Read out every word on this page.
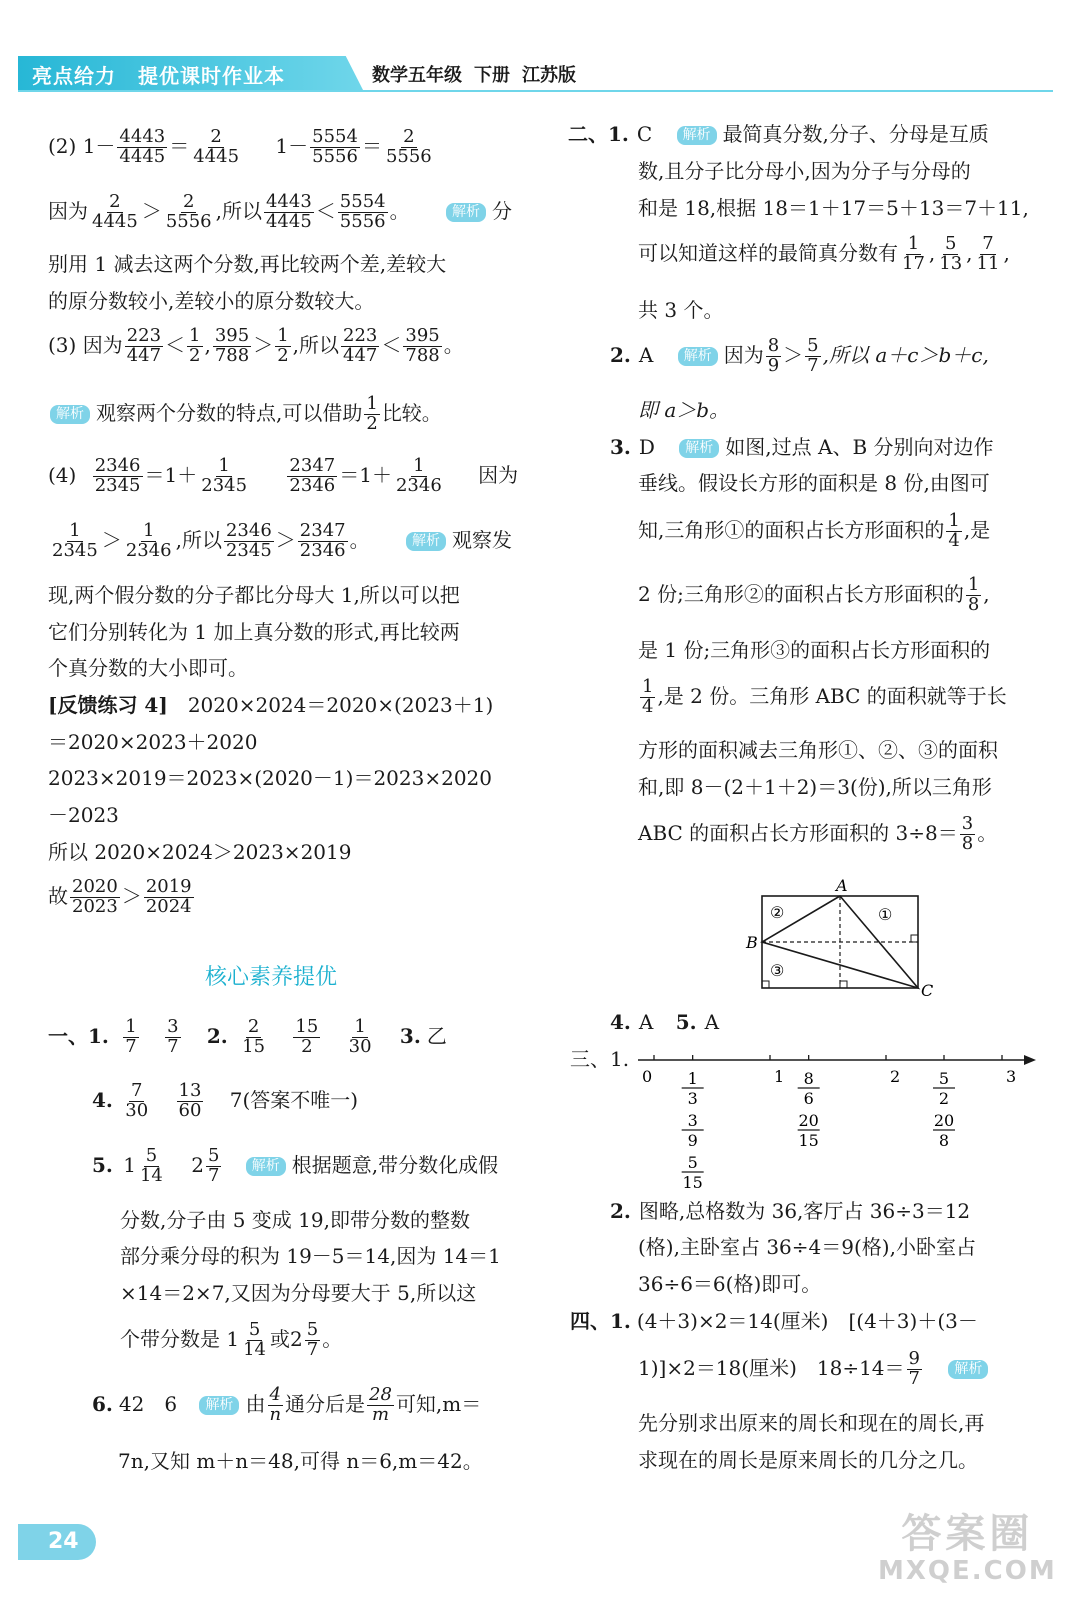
亮点给力 提优课时作业本	数学五年级 下册 江苏版
(2) $1- \frac{4443}{4445} = \frac{2}{4445} 1- \frac{5554}{5556} = \frac{2}{5556}$
因为 $\frac{2}{4445} > \frac{2}{5556}$ ,所以 $\frac{4443}{4445} < \frac{5554}{5556}$ 。	解析 分
别用 1 减去这两个分数,再比较两个差,差较大
的原分数较小,差较小的原分数较大。
(3) 因为 $\frac{223}{447} < \frac{1}{2}$ , $\frac{395}{788} > \frac{1}{2}$ ,所以 $\frac{223}{447} < \frac{395}{788}$ 。
解析 观察两个分数的特点,可以借助 $\frac{1}{2}$ 比较。
$(4) \frac{2346}{2345} =1+ \frac{1}{2345}$
$\frac{2347}{2346} =1+ \frac{1}{2346}$ 因为
$\frac{1}{2345} > \frac{1}{2346}$ ,所以 $\frac{2346}{2345} > \frac{2347}{2346}$ 。	解析 观察发
现,两个假分数的分子都比分母大 1,所以可以把
它们分别转化为 1 加上真分数的形式,再比较两
个真分数的大小即可。
[反馈练习 4] 2020×2024＝2020×(2023＋1)
＝2020×2023＋2020
2023×2019＝2023×(2020－1)＝2023×2020
－2023
所以 2020×2024＞2023×2019
故 $\frac{2020}{2023} > \frac{2019}{2024}$
核心素养提优
一、1. $\frac{1}{7}$
$\frac{3}{7} 2$. $\frac{2}{15}$
$\frac{15}{2}$
$\frac{1}{30} 3$. 乙
4. $\frac{7}{30}$
$\frac{13}{60} 7$(答案不唯一)
5. $1 \frac{5}{14} 2 \frac{5}{7}$ 解析 根据题意,带分数化成假
分数,分子由 5 变成 19,即带分数的整数
部分乘分母的积为 19－5＝14,因为 14＝1
×14＝2×7,又因为分母要大于 5,所以这
个带分数是 $1 \frac{5}{14}$ 或$2 \frac{5}{7}$ 。
6. 42　6 解析 由 $\frac{4}{n}$ 通分后是 $\frac{28}{m}$ 可知,m＝
7n,又知 m＋n＝48,可得 n＝6,m＝42。
二、1. C 解析 最简真分数,分子、分母是互质
数,且分子比分母小,因为分子与分母的
和是 18,根据 18＝1＋17＝5＋13＝7＋11,
可以知道这样的最简真分数有 $\frac{1}{17}$ , $\frac{5}{13}$ , $\frac{7}{11}$ ,
共 3 个。
2. A 解析 因为 $\frac{8}{9} > \frac{5}{7}$ ,所以 a＋c＞b＋c,
即 a＞b。
3. D 解析 如图,过点 A、B 分别向对边作
垂线。假设长方形的面积是 8 份,由图可
知,三角形①的面积占长方形面积的 $\frac{1}{4}$ ,是
2 份;三角形②的面积占长方形面积的 $\frac{1}{8}$ ,
是 1 份;三角形③的面积占长方形面积的
$\frac{1}{4}$ ,是 2 份。三角形 ABC 的面积就等于长
方形的面积减去三角形①、②、③的面积
和,即 8－(2＋1＋2)＝3(份),所以三角形
ABC 的面积占长方形面积的 $3\div 8= \frac{3}{8}$ 。
A
B
C
①
②
③
4. A 5. A
三、1.
0	1	2	3
1
3
3
9
5
15
8
6
20
15
5
2
20
8
2. 图略,总格数为 36,客厅占 36÷3＝12
(格),主卧室占 36÷4＝9(格),小卧室占
36÷6＝6(格)即可。
四、1. (4＋3)×2＝14(厘米)　[(4＋3)＋(3－
1)]×2＝18(厘米)　$18\div 14= \frac{9}{7}$ 解析
先分别求出原来的周长和现在的周长,再
求现在的周长是原来周长的几分之几。
24	答案圈
MXQE.COM
